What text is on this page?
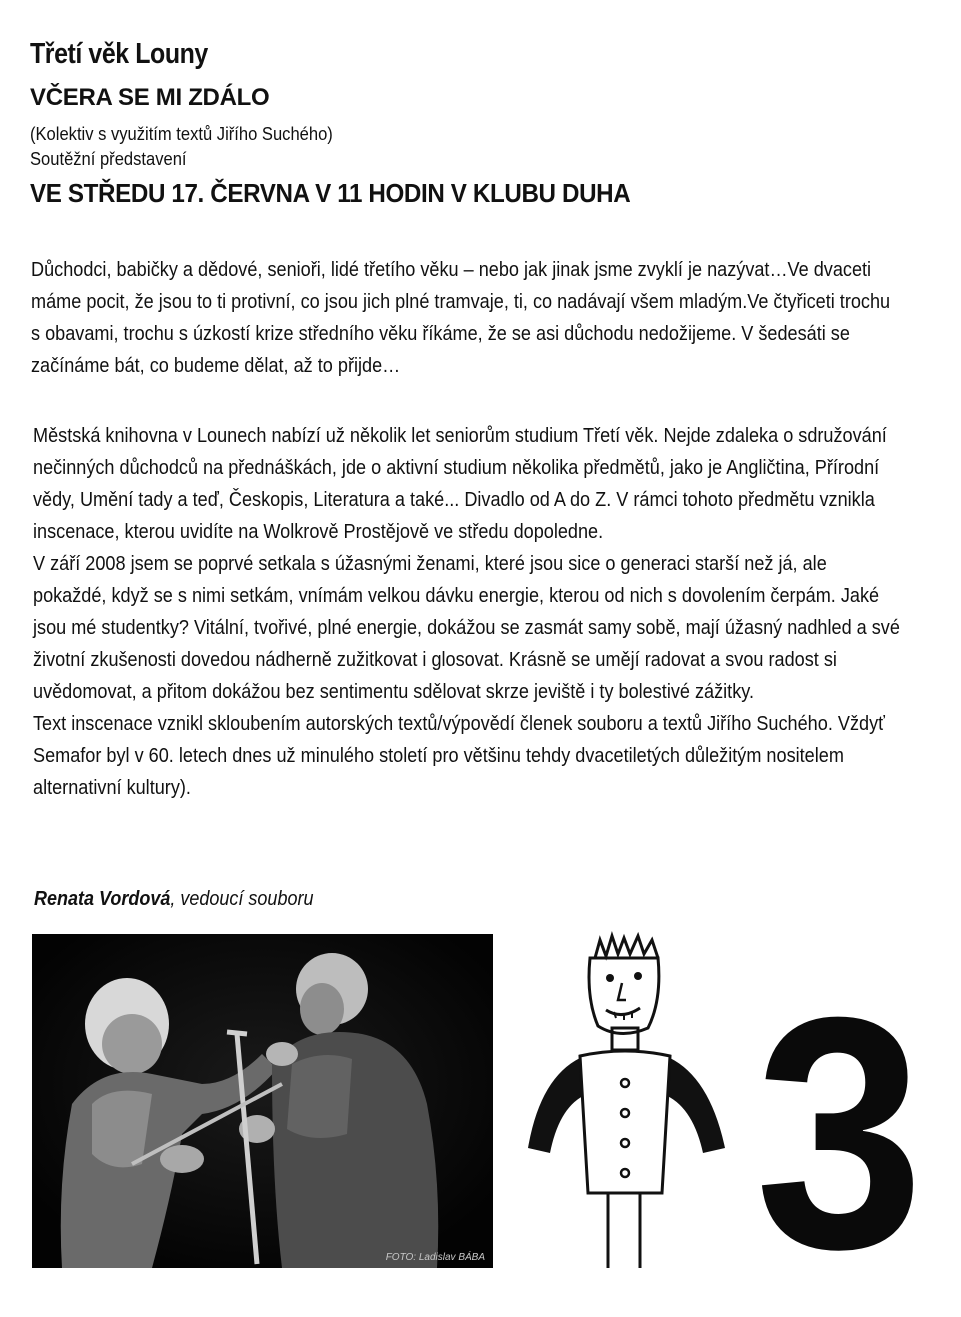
Třetí věk Louny
VČERA SE MI ZDÁLO
(Kolektiv s využitím textů Jiřího Suchého)
Soutěžní představení
VE STŘEDU 17. ČERVNA V 11 HODIN V KLUBU DUHA

Důchodci, babičky a dědové, senioři, lidé třetího věku – nebo jak jinak jsme zvyklí je nazývat…Ve dvaceti máme pocit, že jsou to ti protivní, co jsou jich plné tramvaje, ti, co nadávají všem mladým.Ve čtyřiceti trochu s obavami, trochu s úzkostí krize středního věku říkáme, že se asi důchodu nedožijeme. V šedesáti se začínáme bát, co budeme dělat, až to přijde…

Městská knihovna v Lounech nabízí už několik let seniorům studium Třetí věk. Nejde zdaleka o sdružování nečinných důchodců na přednáškách, jde o aktivní studium několika předmětů, jako je Angličtina, Přírodní vědy, Umění tady a teď, Českopis, Literatura a také... Divadlo od A do Z. V rámci tohoto předmětu vznikla inscenace, kterou uvidíte na Wolkrově Prostějově ve středu dopoledne.

V září 2008 jsem se poprvé setkala s úžasnými ženami, které jsou sice o generaci starší než já, ale pokaždé, když se s nimi setkám, vnímám velkou dávku energie, kterou od nich s dovolením čerpám. Jaké jsou mé studentky? Vitální, tvořivé, plné energie, dokážou se zasmát samy sobě, mají úžasný nadhled a své životní zkušenosti dovedou nádherně zužitkovat i glosovat. Krásně se umějí radovat a svou radost si uvědomovat, a přitom dokážou bez sentimentu sdělovat skrze jeviště i ty bolestivé zážitky.

Text inscenace vznikl skloubením autorských textů/výpovědí členek souboru a textů Jiřího Suchého. Vždyť Semafor byl v 60. letech dnes už minulého století pro většinu tehdy dvacetiletých důležitým nositelem alternativní kultury).

Renata Vordová, vedoucí souboru
FOTO: Ladislav BÁBA 3
